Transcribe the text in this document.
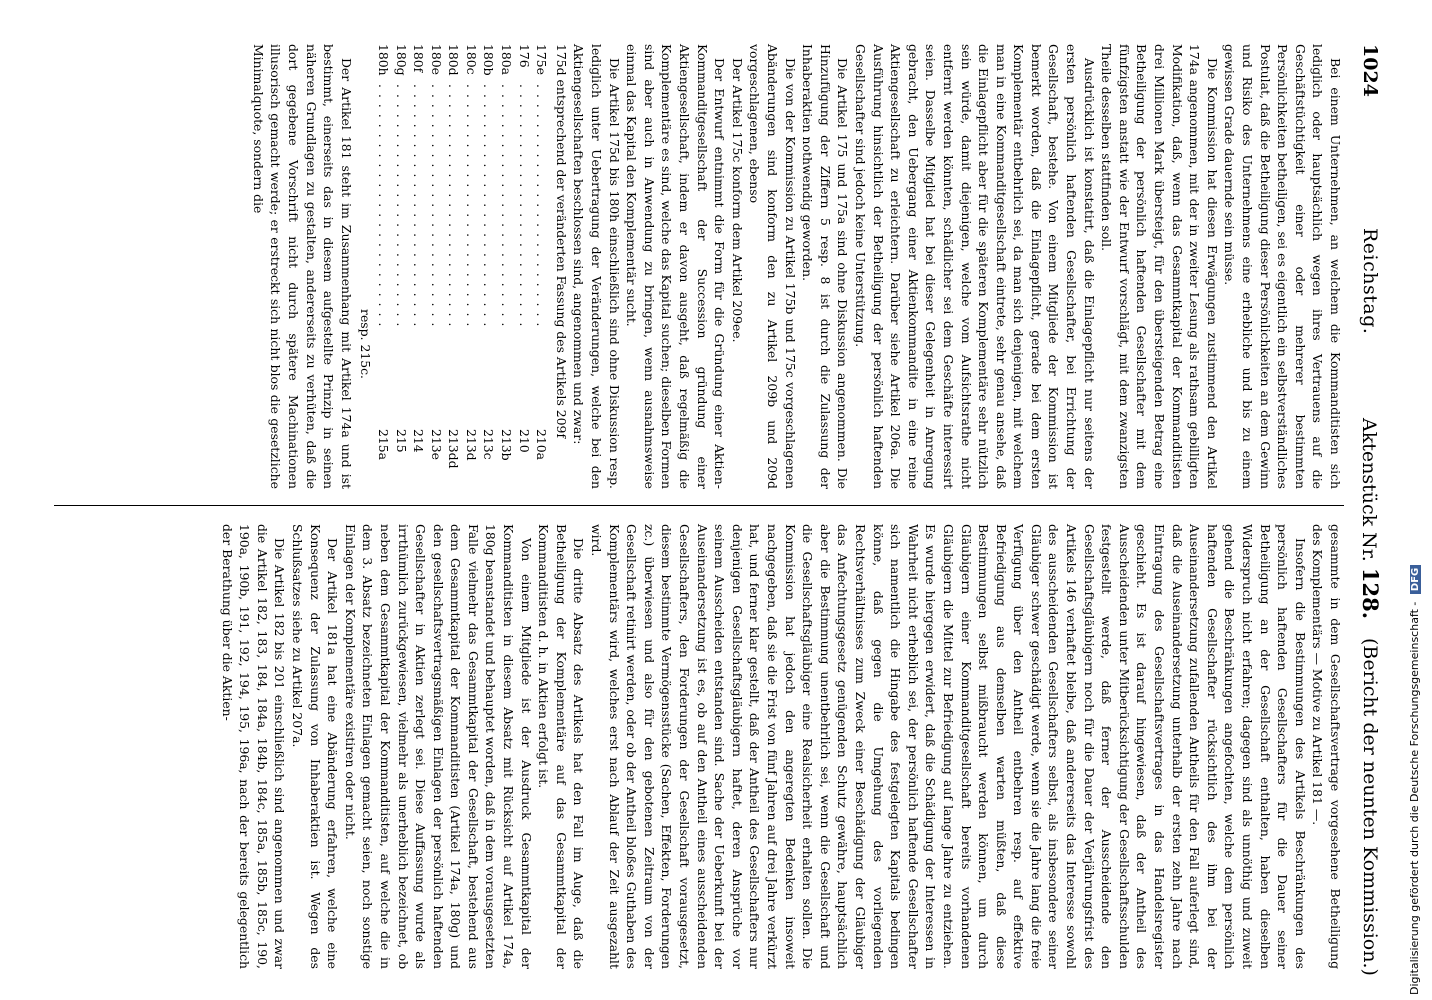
1024
Reichstag.
Aktenstück Nr. 128.
(Bericht der neunten Kommission.)

Bei einem Unternehmen, an welchem die Kommanditisten sich lediglich oder hauptsächlich wegen ihres Vertrauens auf die Geschäftstüchtigkeit einer oder mehrerer bestimmten Persönlichkeiten betheiligen, sei es eigentlich ein selbstverständliches Postulat, daß die Betheiligung dieser Persönlichkeiten an dem Gewinn und Risiko des Unternehmens eine erhebliche und bis zu einem gewissen Grade dauernde sein müsse.

Die Kommission hat diesen Erwägungen zustimmend den Artikel 174a angenommen, mit der in zweiter Lesung als rathsam gebilligten Modifikation, daß, wenn das Gesammtkapital der Kommanditisten drei Millionen Mark übersteigt, für den übersteigenden Betrag eine Betheiligung der persönlich haftenden Gesellschafter mit dem fünfzigsten anstatt wie der Entwurf vorschlägt, mit dem zwanzigsten Theile desselben stattfinden soll.

Ausdrücklich ist konstatirt, daß die Einlagepflicht nur seitens der ersten persönlich haftenden Gesellschafter, bei Errichtung der Gesellschaft, bestehe. Von einem Mitgliede der Kommission ist bemerkt worden, daß die Einlagepflicht, gerade bei dem ersten Komplementär entbehrlich sei, da man sich denjenigen, mit welchem man in eine Kommanditgesellschaft eintrete, sehr genau ansehe, daß die Einlagepflicht aber für die späteren Komplementäre sehr nützlich sein würde, damit diejenigen, welche vom Aufsichtsrathe nicht entfernt werden könnten, schädlicher sei dem Geschäfte interessirt seien. Dasselbe Mitglied hat bei dieser Gelegenheit in Anregung gebracht, den Uebergang einer Aktienkommandite in eine reine Aktiengesellschaft zu erleichtern. Darüber siehe Artikel 206a. Die Ausführung hinsichtlich der Betheiligung der persönlich haftenden Gesellschafter sind jedoch keine Unterstützung.

Die Artikel 175 und 175a sind ohne Diskussion angenommen. Die Hinzufügung der Ziffern 5 resp. 8 ist durch die Zulassung der Inhaberaktien nothwendig geworden.

Die von der Kommission zu Artikel 175b und 175c vorgeschlagenen Abänderungen sind konform den zu Artikel 209b und 209d vorgeschlagenen, ebenso

Der Artikel 175c konform dem Artikel 209ee.

Der Entwurf entnimmt die Form für die Gründung einer Aktien-Kommanditgesellschaft der Succession gründung einer Aktiengesellschaft, indem er davon ausgeht, daß regelmäßig die Komplementäre es sind, welche das Kapital suchen; dieselben Formen sind aber auch in Anwendung zu bringen, wenn ausnahmsweise einmal das Kapital den Komplementär sucht.

Die Artikel 175d bis 180h einschließlich sind ohne Diskussion resp. lediglich unter Uebertragung der Veränderungen, welche bei den Aktiengesellschaften beschlossen sind, angenommen und zwar:

175d entsprechend der veränderten Fassung des Artikels 209f

175e
.........................
210a
176
.........................
210
180a
.........................
213b
180b
.........................
213c
180c
.........................
213d
180d
.........................
213dd
180e
.........................
213e
180f
.........................
214
180g
.........................
215
180h
.........................
215a
resp. 215c.

Der Artikel 181 steht im Zusammenhang mit Artikel 174a und ist bestimmt, einerseits das in diesem aufgestellte Prinzip in seinen näheren Grundlagen zu gestalten, andererseits zu verhüten, daß die dort gegebene Vorschrift nicht durch spätere Machinationen illusorisch gemacht werde; er erstreckt sich nicht blos die gesetzliche Minimalquote, sondern die

gesammte in dem Gesellschaftsvertrage vorgesehene Betheiligung des Komplementärs — Motive zu Artikel 181 —.

Insofern die Bestimmungen des Artikels Beschränkungen des persönlich haftenden Gesellschafters für die Dauer seiner Betheiligung an der Gesellschaft enthalten, haben dieselben Widerspruch nicht erfahren; dagegen sind als unnöthig und zuweit gehend die Beschränkungen angefochten, welche dem persönlich haftenden Gesellschafter rücksichtlich des ihm bei der Auseinandersetzung zufallenden Antheils für den Fall auferlegt sind, daß die Auseinandersetzung unterhalb der ersten zehn Jahre nach Eintragung des Gesellschaftsvertrages in das Handelsregister geschieht. Es ist darauf hingewiesen, daß der Antheil des Ausscheidenden unter Mitberücksichtigung der Gesellschaftsschulden festgestellt werde, daß ferner der Ausscheidende den Gesellschaftsgläubigern noch für die Dauer der Verjährungsfrist des Artikels 146 verhaftet bleibe, daß andererseits das Interesse sowohl des ausscheidenden Gesellschafters selbst, als insbesondere seiner Gläubiger schwer geschädigt werde, wenn sie die Jahre lang die freie Verfügung über den Antheil entbehren resp. auf effektive Befriedigung aus demselben warten müßten, daß diese Bestimmungen selbst mißbraucht werden können, um durch Gläubigern einer Kommanditgesellschaft bereits vorhandenen Gläubigern die Mittel zur Befriedigung auf lange Jahre zu entziehen. Es wurde hiergegen erwidert, daß die Schädigung der Interessen in Wahrheit nicht erheblich sei, der persönlich haftende Gesellschafter sich namentlich die Hingabe des festgelegten Kapitals bedingen könne, daß gegen die Umgehung des vorliegenden Rechtsverhältnisses zum Zweck einer Beschädigung der Gläubiger das Anfechtungsgesetz genügenden Schutz gewähre, hauptsächlich aber die Bestimmung unentbehrlich sei, wenn die Gesellschaft und die Gesellschaftsgläubiger eine Realsicherheit erhalten sollen. Die Kommission hat jedoch den angeregten Bedenken insoweit nachgegeben, daß sie die Frist von fünf Jahren auf drei Jahre verkürzt hat, und ferner klar gestellt, daß der Antheil des Gesellschafters nur denjenigen Gesellschaftsgläubigern haftet, deren Ansprüche vor seinem Ausscheiden entstanden sind. Sache der Ueberkunft bei der Auseinandersetzung ist es, ob auf den Antheil eines ausscheidenden Gesellschafters, den Forderungen der Gesellschaft vorausgesetzt, diesem bestimmte Vermögensstücke (Sachen, Effekten, Forderungen zc.) überwiesen und also für den gebotenen Zeitraum von der Gesellschaft retinirt werden, oder ob der Antheil bloßes Guthaben des Komplementärs wird, welches erst nach Ablauf der Zeit ausgezahlt wird.

Die dritte Absatz des Artikels hat den Fall im Auge, daß die Betheiligung der Komplementäre auf das Gesammtkapital der Kommanditisten d. h. in Aktien erfolgt ist.

Von einem Mitgliede ist der Ausdruck Gesammtkapital der Kommanditisten in diesem Absatz mit Rücksicht auf Artikel 174a, 180g beanstandet und behauptet worden, daß in dem vorausgesetzten Falle vielmehr das Gesammtkapital der Gesellschaft, bestehend aus dem Gesammtkapital der Kommanditisten (Artikel 174a, 180g) und den gesellschaftsvertragsmäßigen Einlagen der persönlich haftenden Gesellschafter in Aktien zerlegt sei. Diese Auffassung wurde als irrthümlich zurückgewiesen, vielmehr als unerheblich bezeichnet, ob neben dem Gesammtkapital der Kommanditisten, auf welche die in dem 3. Absatz bezeichneten Einlagen gemacht seien, noch sonstige Einlagen der Komplementäre existiren oder nicht.

Der Artikel 181a hat eine Abänderung erfahren, welche eine Konsequenz der Zulassung von Inhaberaktien ist. Wegen des Schlußsatzes siehe zu Artikel 207a.

Die Artikel 182 bis 201 einschließlich sind angenommen und zwar die Artikel 182, 183, 184, 184a, 184b, 184c, 185a, 185b, 185c, 190, 190a, 190b, 191, 192, 194, 195, 196a, nach der bereits gelegentlich der Berathung über die Aktien-	Digitalisierung gefördert durch die Deutsche Forschungsgemeinschaft - DFG
